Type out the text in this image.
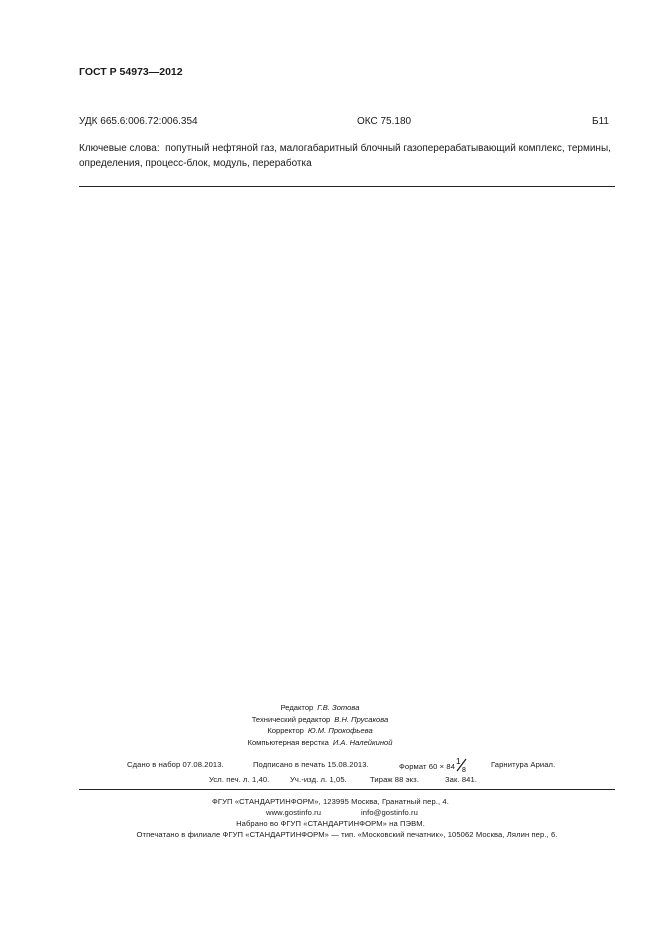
ГОСТ Р 54973—2012
УДК 665.6:006.72:006.354	ОКС 75.180	Б11
Ключевые слова: попутный нефтяной газ, малогабаритный блочный газоперерабатывающий комплекс, термины, определения, процесс-блок, модуль, переработка
Редактор Г.В. Зотова
Технический редактор В.Н. Прусакова
Корректор Ю.М. Прокофьева
Компьютерная верстка И.А. Налейкиной
Сдано в набор 07.08.2013.	Подписано в печать 15.08.2013.	Формат 60 × 84
1
8
Гарнитура Ариал.
Усл. печ. л. 1,40.	Уч.-изд. л. 1,05.	Тираж 88 экз.	Зак. 841.
ФГУП «СТАНДАРТИНФОРМ», 123995 Москва, Гранатный пер., 4.
www.gostinfo.ru	info@gostinfo.ru
Набрано во ФГУП «СТАНДАРТИНФОРМ» на ПЭВМ.
Отпечатано в филиале ФГУП «СТАНДАРТИНФОРМ» — тип. «Московский печатник», 105062 Москва, Лялин пер., 6.
